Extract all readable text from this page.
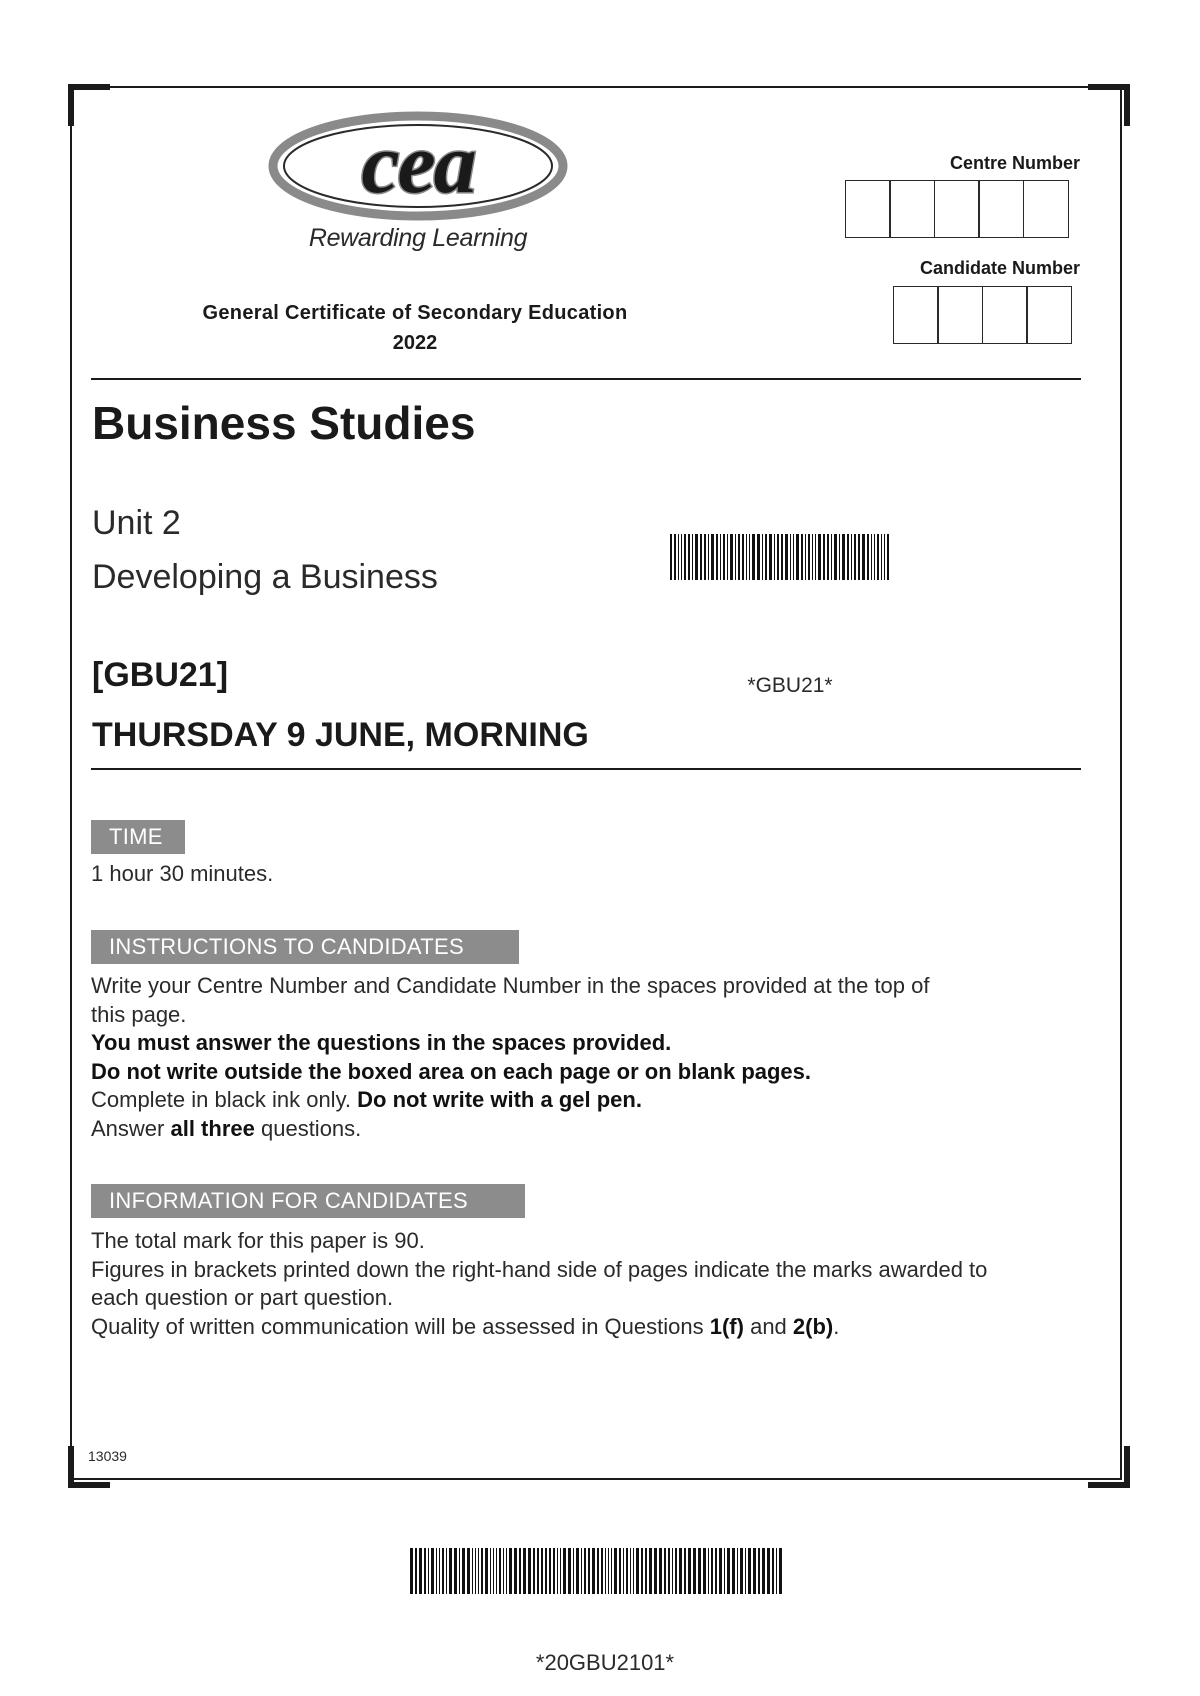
cea
Rewarding Learning
General Certificate of Secondary Education
2022
Centre Number
Candidate Number
Business Studies
Unit 2
Developing a Business
[GBU21]	*GBU21*
THURSDAY 9 JUNE, MORNING
TIME
1 hour 30 minutes.
INSTRUCTIONS TO CANDIDATES
Write your Centre Number and Candidate Number in the spaces provided at the top of
this page.
You must answer the questions in the spaces provided.
Do not write outside the boxed area on each page or on blank pages.
Complete in black ink only. Do not write with a gel pen.
Answer all three questions.
INFORMATION FOR CANDIDATES
The total mark for this paper is 90.
Figures in brackets printed down the right-hand side of pages indicate the marks awarded to
each question or part question.
Quality of written communication will be assessed in Questions 1(f) and 2(b).
13039
*20GBU2101*
